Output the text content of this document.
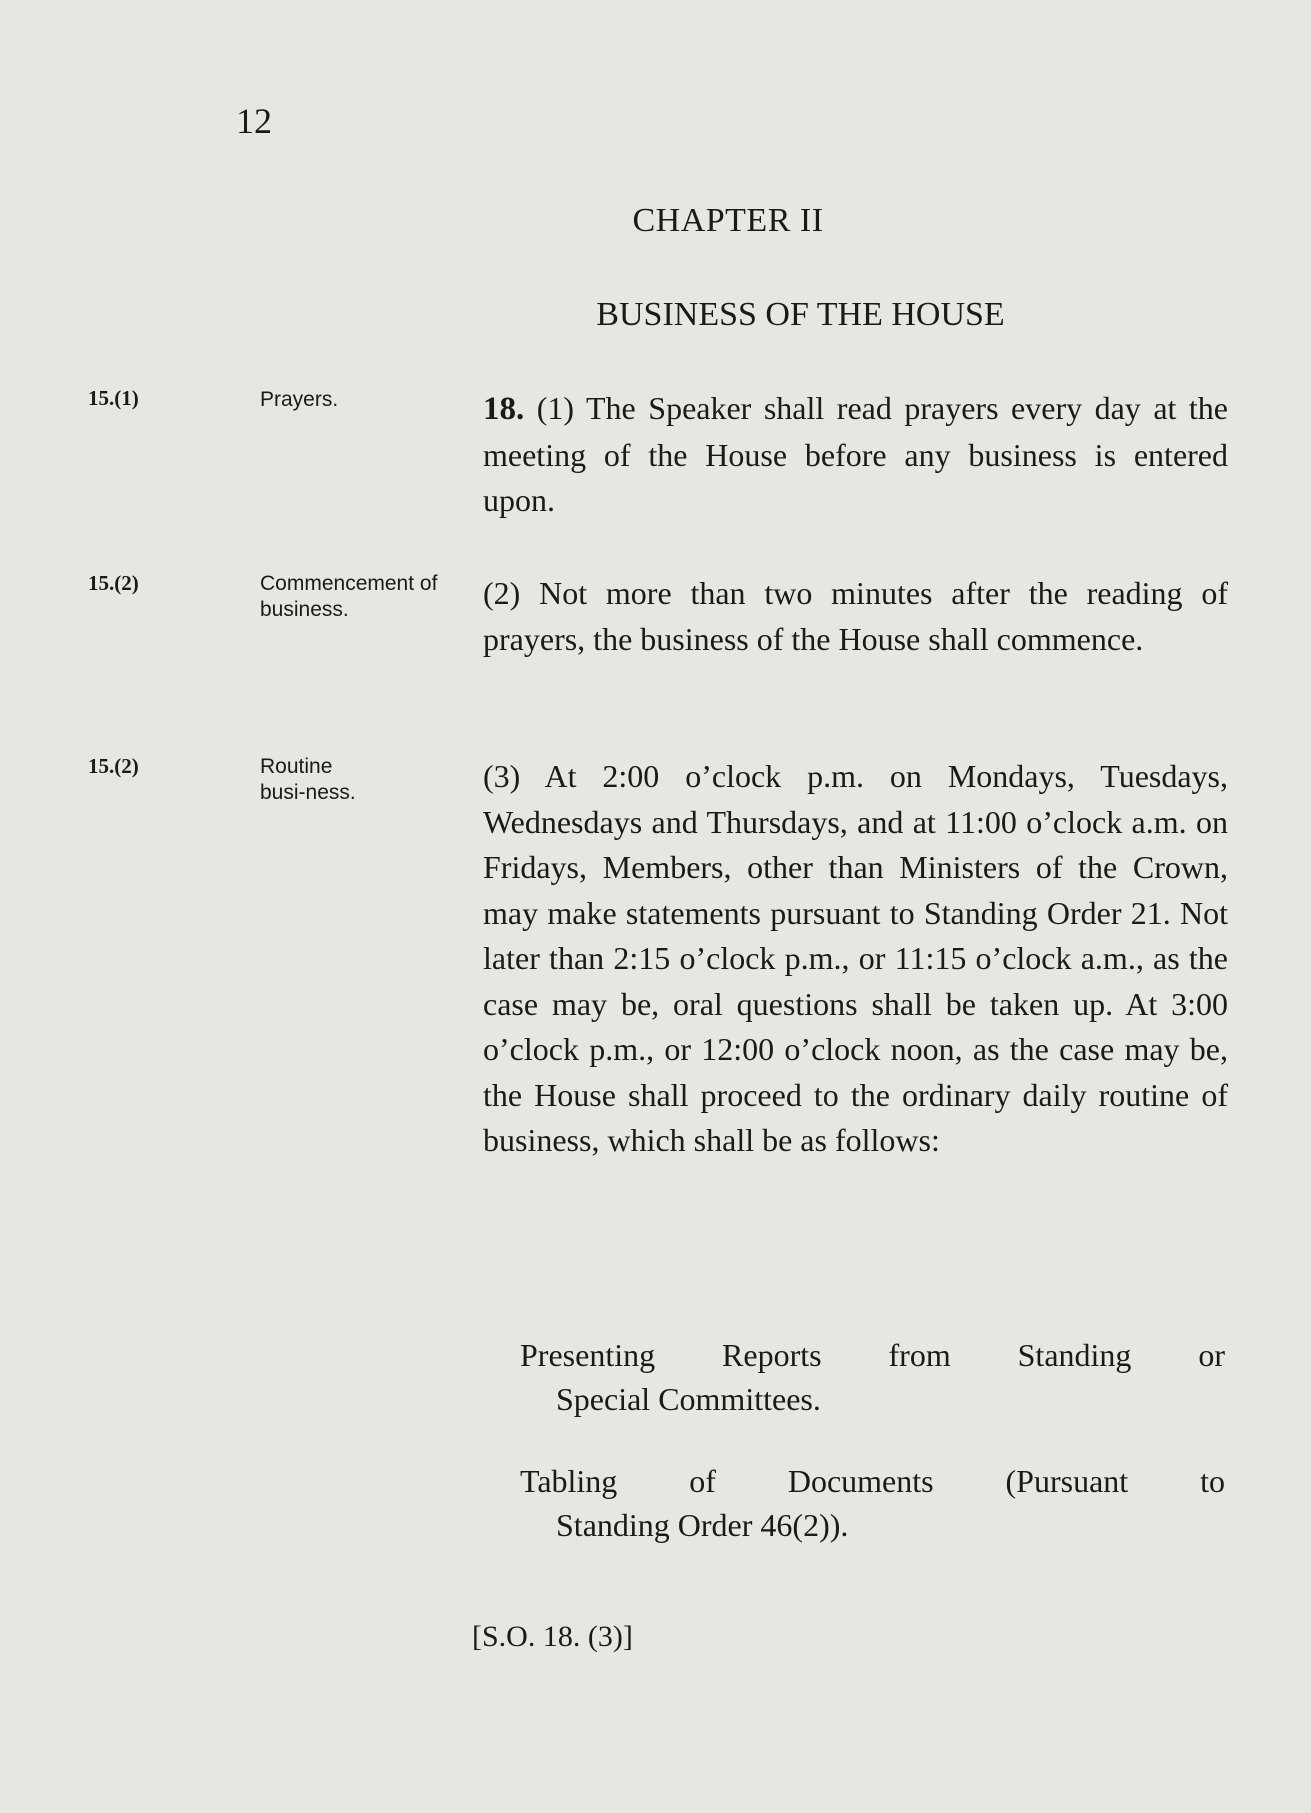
12
CHAPTER II
BUSINESS OF THE HOUSE
15.(1)	Prayers.
15.(2)	Commencement of business.
15.(2)	Routine busi-ness.

18. (1) The Speaker shall read prayers every day at the meeting of the House before any business is entered upon.

(2) Not more than two minutes after the reading of prayers, the business of the House shall commence.

(3) At 2:00 o’clock p.m. on Mondays, Tuesdays, Wednesdays and Thursdays, and at 11:00 o’clock a.m. on Fridays, Members, other than Ministers of the Crown, may make statements pursuant to Standing Order 21. Not later than 2:15 o’clock p.m., or 11:15 o’clock a.m., as the case may be, oral questions shall be taken up. At 3:00 o’clock p.m., or 12:00 o’clock noon, as the case may be, the House shall proceed to the ordinary daily routine of business, which shall be as follows:

Presenting Reports from Standing or
Special Committees.
Tabling of Documents (Pursuant to
Standing Order 46(2)).
[S.O. 18. (3)]
